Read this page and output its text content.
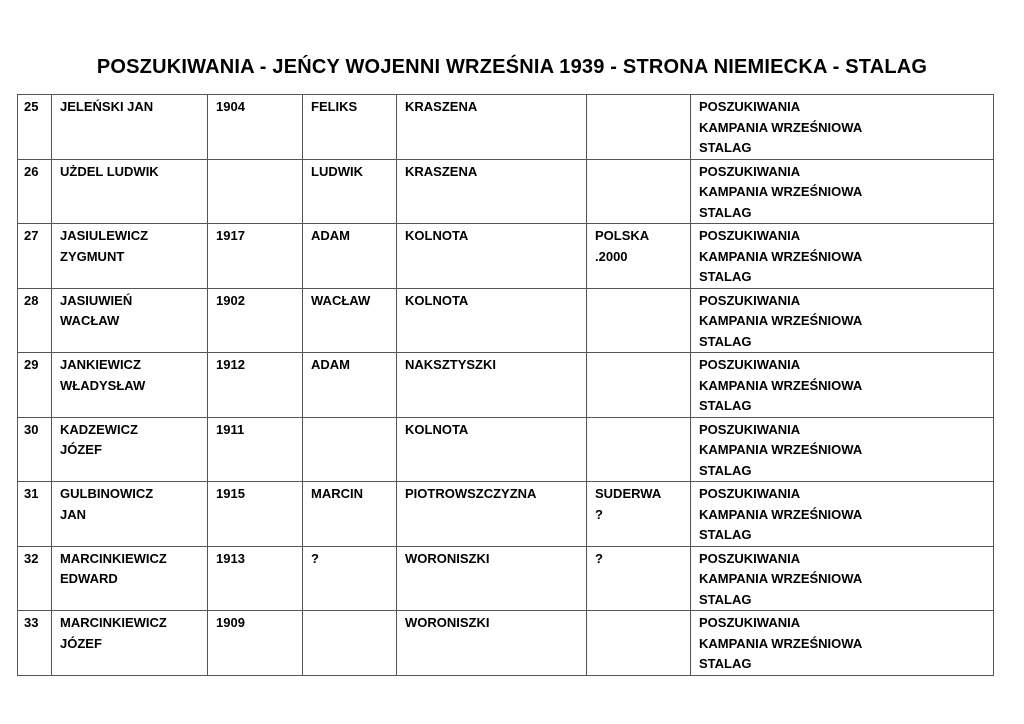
POSZUKIWANIA - JEŃCY WOJENNI WRZEŚNIA 1939 - STRONA NIEMIECKA - STALAG
25	JELEŃSKI JAN	1904	FELIKS	KRASZENA		POSZUKIWANIA
KAMPANIA WRZEŚNIOWA
STALAG

26	UŻDEL LUDWIK		LUDWIK	KRASZENA		POSZUKIWANIA
KAMPANIA WRZEŚNIOWA
STALAG

27	JASIULEWICZ
ZYGMUNT	1917	ADAM	KOLNOTA	POLSKA
.2000	POSZUKIWANIA
KAMPANIA WRZEŚNIOWA
STALAG

28	JASIUWIEŃ
WACŁAW	1902	WACŁAW	KOLNOTA		POSZUKIWANIA
KAMPANIA WRZEŚNIOWA
STALAG

29	JANKIEWICZ
WŁADYSŁAW	1912	ADAM	NAKSZTYSZKI		POSZUKIWANIA
KAMPANIA WRZEŚNIOWA
STALAG

30	KADZEWICZ
JÓZEF	1911		KOLNOTA		POSZUKIWANIA
KAMPANIA WRZEŚNIOWA
STALAG

31	GULBINOWICZ
JAN	1915	MARCIN	PIOTROWSZCZYZNA	SUDERWA
?	POSZUKIWANIA
KAMPANIA WRZEŚNIOWA
STALAG

32	MARCINKIEWICZ
EDWARD	1913	?	WORONISZKI	?	POSZUKIWANIA
KAMPANIA WRZEŚNIOWA
STALAG

33	MARCINKIEWICZ
JÓZEF	1909		WORONISZKI		POSZUKIWANIA
KAMPANIA WRZEŚNIOWA
STALAG
